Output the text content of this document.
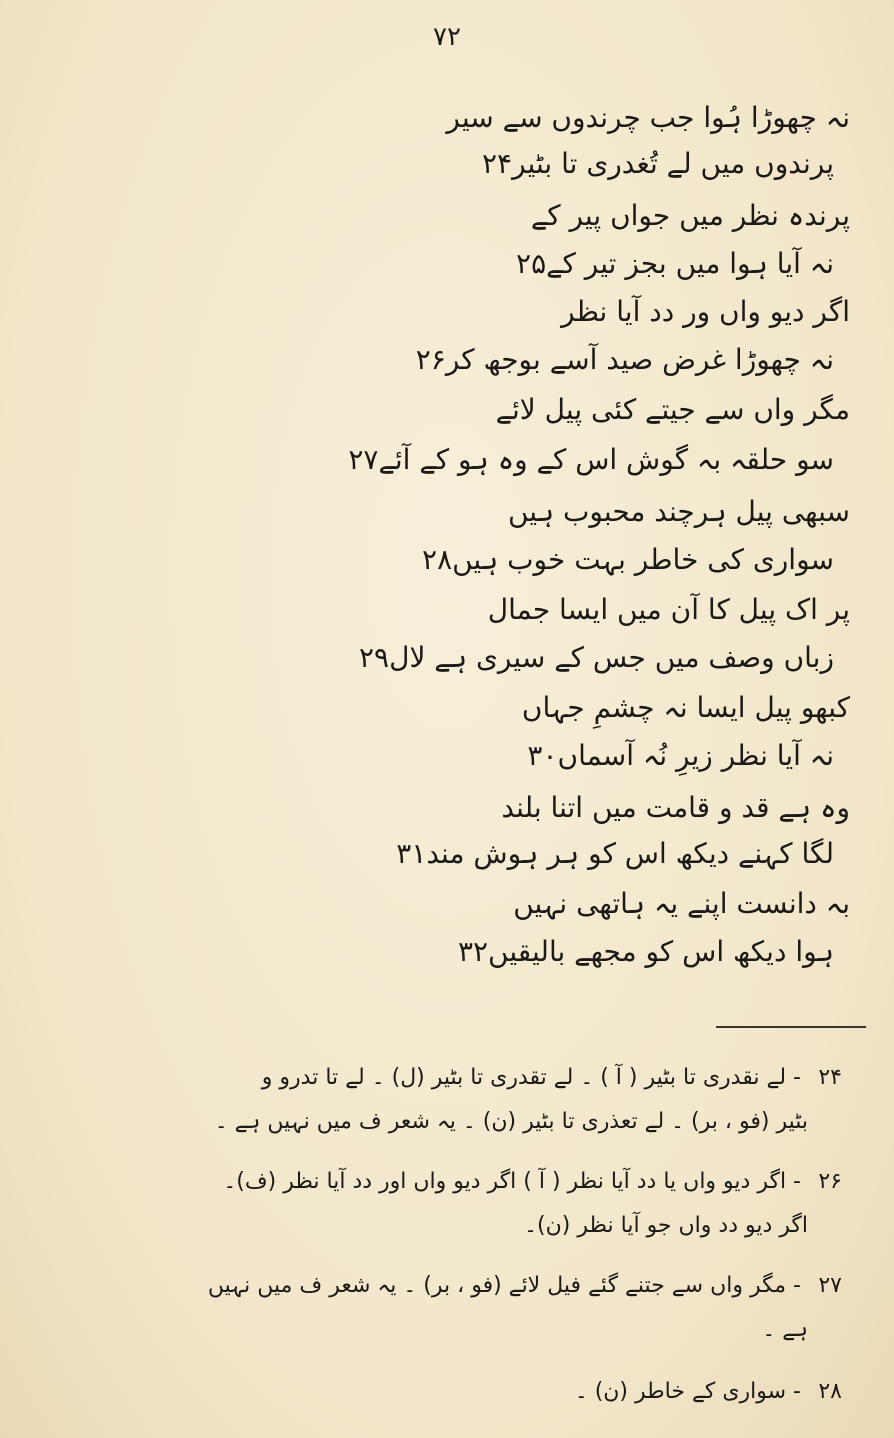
۷۲
نہ چھوڑا ہُوا جب چرندوں سے سیر
پرندوں میں لے تُغدری تا بٹیر۲۴
پرندہ نظر میں جواں پیر کے
نہ آیا ہوا میں بجز تیر کے۲۵
اگر دیو واں ور دد آیا نظر
نہ چھوڑا غرض صید آسے بوجھ کر۲۶
مگر واں سے جیتے کئی پیل لائے
سو حلقہ بہ گوش اس کے وہ ہو کے آئے۲۷
سبھی پیل ہرچند محبوب ہیں
سواری کی خاطر بہت خوب ہیں۲۸
پر اک پیل کا آن میں ایسا جمال
زباں وصف میں جس کے سیری ہے لال۲۹
کبھو پیل ایسا نہ چشمِ جہاں
نہ آیا نظر زیرِ نُہ آسماں۳۰
وہ ہے قد و قامت میں اتنا بلند
لگا کہنے دیکھ اس کو ہر ہوش مند۳۱
بہ دانست اپنے یہ ہاتھی نہیں
ہوا دیکھ اس کو مجھے بالیقیں۳۲
۲۴ - لے نقدری تا بٹیر ( آ ) ۔ لے تقدری تا بٹیر (ل) ۔ لے تا تدرو و
بٹیر (فو ، بر) ۔ لے تعذری تا بٹیر (ن) ۔ یہ شعر ف میں نہیں ہے ۔
۲۶ - اگر دیو واں یا دد آیا نظر ( آ ) اگر دیو واں اور دد آیا نظر (ف)۔
اگر دیو دد واں جو آیا نظر (ن)۔
۲۷ - مگر واں سے جتنے گئے فیل لائے (فو ، بر) ۔ یہ شعر ف میں نہیں
ہے ۔
۲۸ - سواری کے خاطر (ن) ۔
